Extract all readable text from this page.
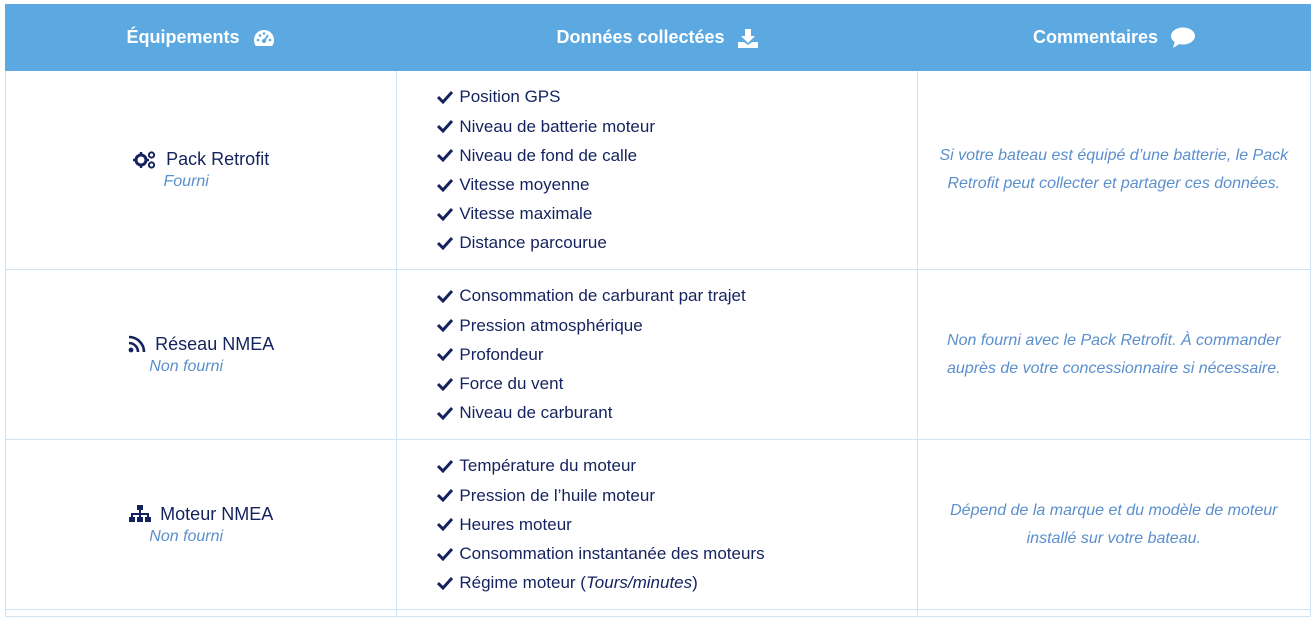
Équipements	Données collectées	Commentaires
Pack Retrofit
Fourni
Position GPS
Niveau de batterie moteur
Niveau de fond de calle
Vitesse moyenne
Vitesse maximale
Distance parcourue
Si votre bateau est équipé d’une batterie, le Pack Retrofit peut collecter et partager ces données.
Réseau NMEA
Non fourni
Consommation de carburant par trajet
Pression atmosphérique
Profondeur
Force du vent
Niveau de carburant
Non fourni avec le Pack Retrofit. À commander auprès de votre concessionnaire si nécessaire.
Moteur NMEA
Non fourni
Température du moteur
Pression de l’huile moteur
Heures moteur
Consommation instantanée des moteurs
Régime moteur (Tours/minutes)
Dépend de la marque et du modèle de moteur installé sur votre bateau.
